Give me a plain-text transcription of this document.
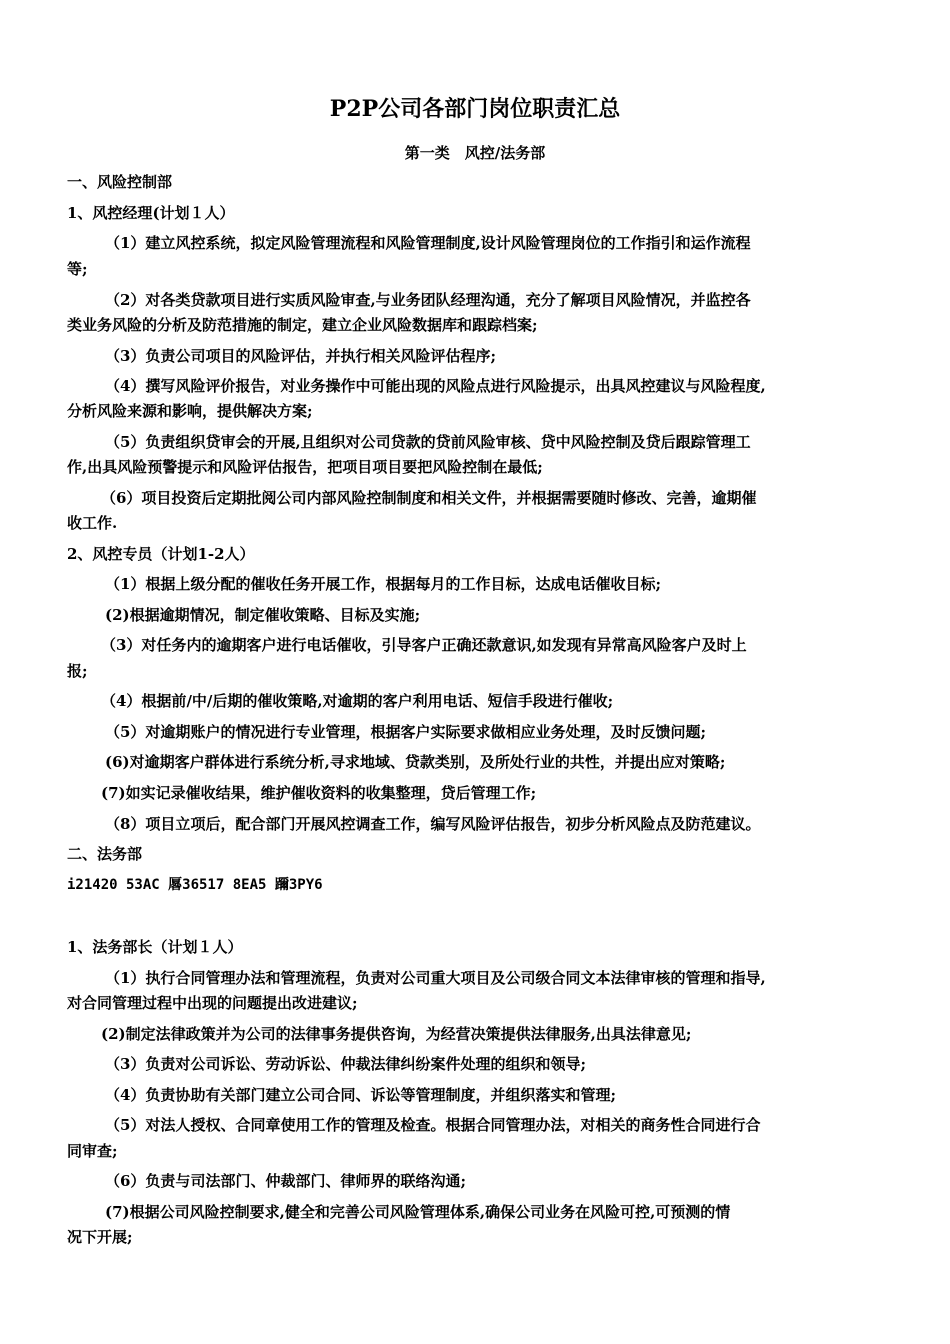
P2P公司各部门岗位职责汇总
第一类　风控/法务部
一、风险控制部
1、风控经理(计划１人）
（1）建立风控系统，拟定风险管理流程和风险管理制度,设计风险管理岗位的工作指引和运作流程
等;
（2）对各类贷款项目进行实质风险审查,与业务团队经理沟通，充分了解项目风险情况，并监控各
类业务风险的分析及防范措施的制定，建立企业风险数据库和跟踪档案;
（3）负责公司项目的风险评估，并执行相关风险评估程序;
（4）撰写风险评价报告，对业务操作中可能出现的风险点进行风险提示，出具风控建议与风险程度,
分析风险来源和影响，提供解决方案;
（5）负责组织贷审会的开展,且组织对公司贷款的贷前风险审核、贷中风险控制及贷后跟踪管理工
作,出具风险预警提示和风险评估报告，把项目项目要把风险控制在最低;
（6）项目投资后定期批阅公司内部风险控制制度和相关文件，并根据需要随时修改、完善，逾期催
收工作.
2、风控专员（计划1-2人）
（1）根据上级分配的催收任务开展工作，根据每月的工作目标，达成电话催收目标;
(2)根据逾期情况，制定催收策略、目标及实施;
（3）对任务内的逾期客户进行电话催收，引导客户正确还款意识,如发现有异常高风险客户及时上
报;
（4）根据前/中/后期的催收策略,对逾期的客户利用电话、短信手段进行催收;
（5）对逾期账户的情况进行专业管理，根据客户实际要求做相应业务处理，及时反馈问题;
(6)对逾期客户群体进行系统分析,寻求地域、贷款类别，及所处行业的共性，并提出应对策略;
(7)如实记录催收结果，维护催收资料的收集整理，贷后管理工作;
（8）项目立项后，配合部门开展风控调查工作，编写风险评估报告，初步分析风险点及防范建议。
二、法务部
i21420 53AC 厬36517 8EA5 躎3PY6
1、法务部长（计划１人）
（1）执行合同管理办法和管理流程，负责对公司重大项目及公司级合同文本法律审核的管理和指导,
对合同管理过程中出现的问题提出改进建议;
(2)制定法律政策并为公司的法律事务提供咨询，为经营决策提供法律服务,出具法律意见;
（3）负责对公司诉讼、劳动诉讼、仲裁法律纠纷案件处理的组织和领导;
（4）负责协助有关部门建立公司合同、诉讼等管理制度，并组织落实和管理;
（5）对法人授权、合同章使用工作的管理及检查。根据合同管理办法，对相关的商务性合同进行合
同审查;
（6）负责与司法部门、仲裁部门、律师界的联络沟通;
(7)根据公司风险控制要求,健全和完善公司风险管理体系,确保公司业务在风险可控,可预测的情
况下开展;
